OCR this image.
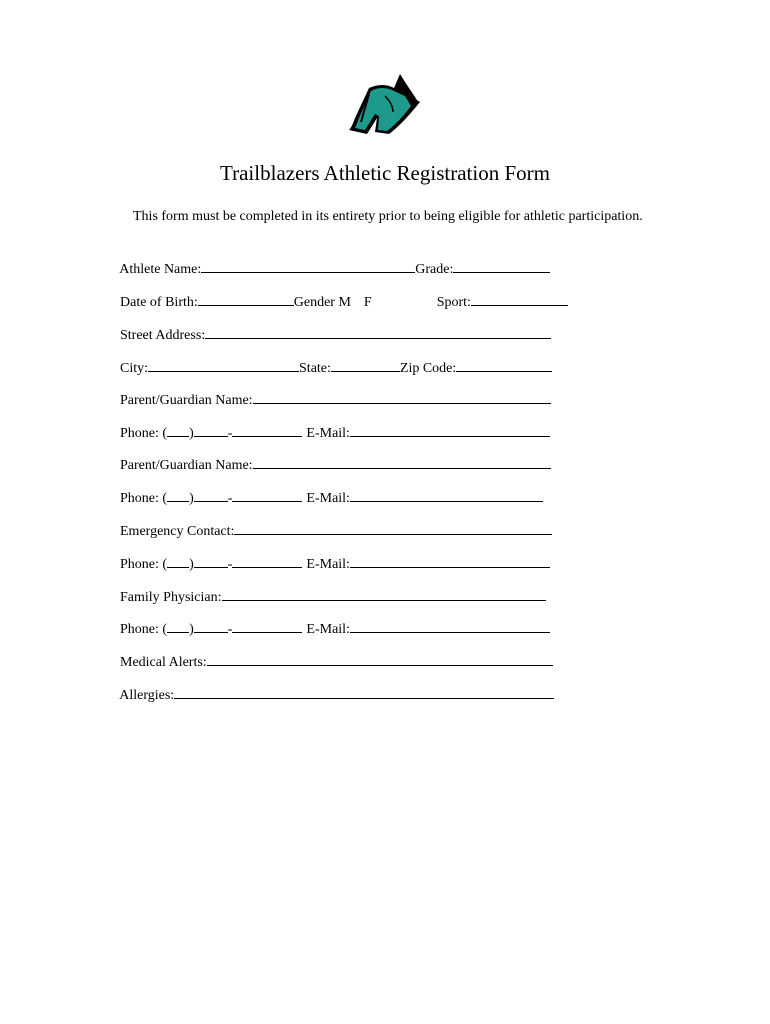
Trailblazers Athletic Registration Form
This form must be completed in its entirety prior to being eligible for athletic participation.

Athlete Name:	Grade:

Date of Birth:	Gender M F	Sport:

Street Address:

City:	State:	Zip Code:

Parent/Guardian Name:

Phone: ( ) -	E-Mail:

Parent/Guardian Name:

Phone: ( ) -	E-Mail:

Emergency Contact:

Phone: ( ) -	E-Mail:

Family Physician:

Phone: ( ) -	E-Mail:

Medical Alerts:

Allergies:
